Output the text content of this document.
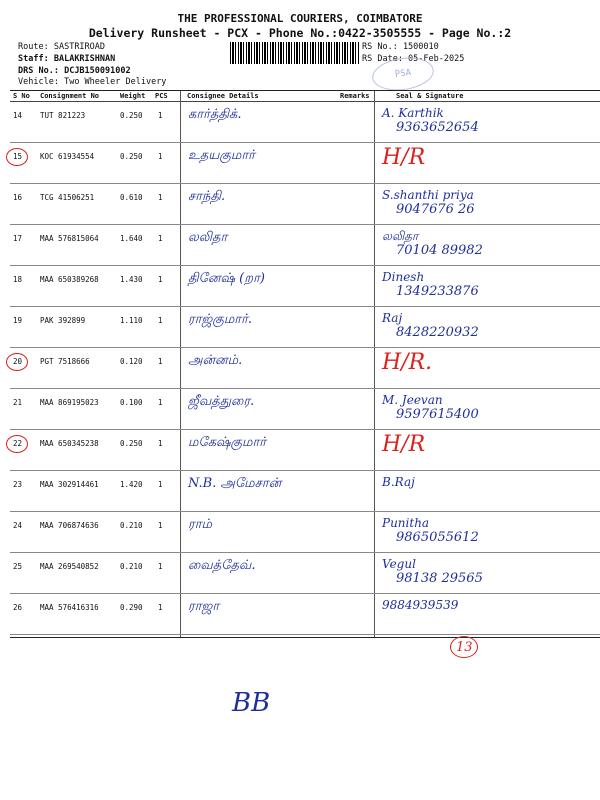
THE PROFESSIONAL COURIERS, COIMBATORE
Delivery Runsheet - PCX - Phone No.:0422-3505555 - Page No.:2
Route: SASTRIROAD
Staff: BALAKRISHNAN
DRS No.: DCJB150091002
Vehicle: Two Wheeler Delivery
RS No.: 1500010
RS Date: 05-Feb-2025
PSA
S No Consignment No	Weight PCS	Consignee Details	Remarks	Seal & Signature
14 TUT 821223	0.250 1 கார்த்திக்.	A. Karthik
9363652654
15 KOC 61934554	0.250 1 உதயகுமார்	H/R
16 TCG 41506251	0.610 1 சாந்தி.	S.shanthi priya
9047676 26
17 MAA 576815064	1.640 1 லலிதா	லலிதா
70104 89982
18 MAA 650389268	1.430 1 தினேஷ் (றா)	Dinesh
1349233876
19 PAK 392899	1.110 1 ராஜ்குமார்.	Raj
8428220932
20 PGT 7518666	0.120 1 அன்னம்.	H/R.
21 MAA 869195023	0.100 1 ஜீவத்துரை.	M. Jeevan
9597615400
22 MAA 650345238	0.250 1 மகேஷ்குமார்	H/R
23 MAA 302914461	1.420 1 N.B. அமேசான்	B.Raj
24 MAA 706874636	0.210 1 ராம்	Punitha
9865055612
25 MAA 269540852	0.210 1 வைத்தேவ்.	Vegul
98138 29565
26 MAA 576416316	0.290 1 ராஜா	9884939539
13
BB
